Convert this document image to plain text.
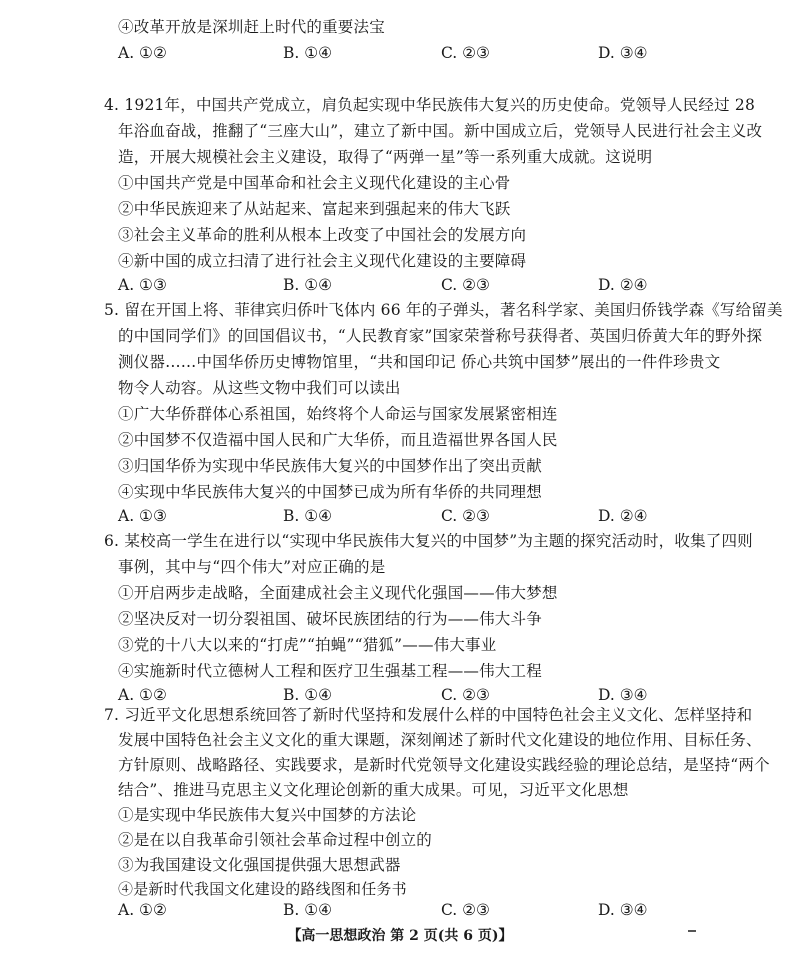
④改革开放是深圳赶上时代的重要法宝
A. ①②	B. ①④	C. ②③	D. ③④
4. 1921年，中国共产党成立，肩负起实现中华民族伟大复兴的历史使命。党领导人民经过 28
年浴血奋战，推翻了“三座大山”，建立了新中国。新中国成立后，党领导人民进行社会主义改
造，开展大规模社会主义建设，取得了“两弹一星”等一系列重大成就。这说明
①中国共产党是中国革命和社会主义现代化建设的主心骨
②中华民族迎来了从站起来、富起来到强起来的伟大飞跃
③社会主义革命的胜利从根本上改变了中国社会的发展方向
④新中国的成立扫清了进行社会主义现代化建设的主要障碍
A. ①③	B. ①④	C. ②③	D. ②④
5. 留在开国上将、菲律宾归侨叶飞体内 66 年的子弹头，著名科学家、美国归侨钱学森《写给留美
的中国同学们》的回国倡议书，“人民教育家”国家荣誉称号获得者、英国归侨黄大年的野外探
测仪器……中国华侨历史博物馆里，“共和国印记 侨心共筑中国梦”展出的一件件珍贵文
物令人动容。从这些文物中我们可以读出
①广大华侨群体心系祖国，始终将个人命运与国家发展紧密相连
②中国梦不仅造福中国人民和广大华侨，而且造福世界各国人民
③归国华侨为实现中华民族伟大复兴的中国梦作出了突出贡献
④实现中华民族伟大复兴的中国梦已成为所有华侨的共同理想
A. ①③	B. ①④	C. ②③	D. ②④
6. 某校高一学生在进行以“实现中华民族伟大复兴的中国梦”为主题的探究活动时，收集了四则
事例，其中与“四个伟大”对应正确的是
①开启两步走战略，全面建成社会主义现代化强国——伟大梦想
②坚决反对一切分裂祖国、破坏民族团结的行为——伟大斗争
③党的十八大以来的“打虎”“拍蝇”“猎狐”——伟大事业
④实施新时代立德树人工程和医疗卫生强基工程——伟大工程
A. ①②	B. ①④	C. ②③	D. ③④
7. 习近平文化思想系统回答了新时代坚持和发展什么样的中国特色社会主义文化、怎样坚持和
发展中国特色社会主义文化的重大课题，深刻阐述了新时代文化建设的地位作用、目标任务、
方针原则、战略路径、实践要求，是新时代党领导文化建设实践经验的理论总结，是坚持“两个
结合”、推进马克思主义文化理论创新的重大成果。可见，习近平文化思想
①是实现中华民族伟大复兴中国梦的方法论
②是在以自我革命引领社会革命过程中创立的
③为我国建设文化强国提供强大思想武器
④是新时代我国文化建设的路线图和任务书
【高一思想政治 第 2 页(共 6 页)】
A. ①②	B. ①④	C. ②③	D. ③④
